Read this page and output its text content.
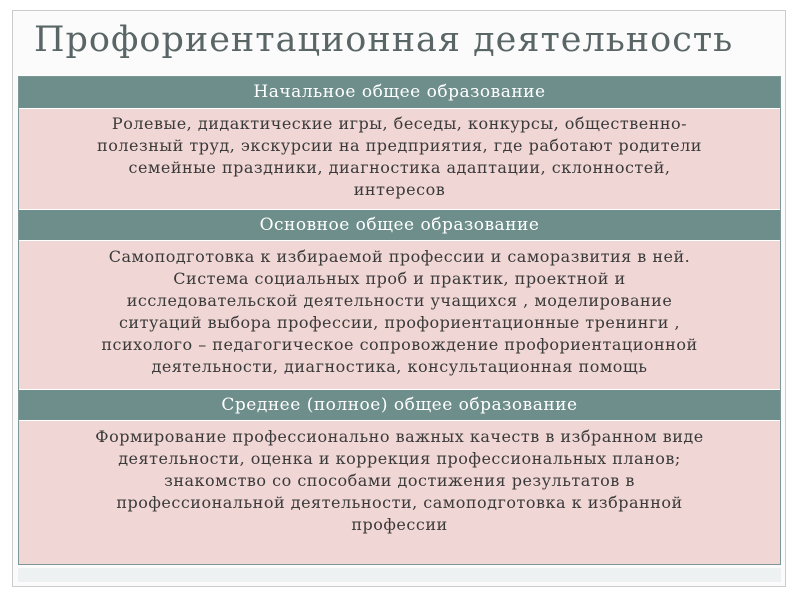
Профориентационная деятельность
Начальное общее образование
Ролевые, дидактические игры, беседы, конкурсы, общественно-
полезный труд, экскурсии на предприятия, где работают родители
семейные праздники, диагностика адаптации, склонностей,
интересов
Основное общее образование
Самоподготовка к избираемой профессии и саморазвития в ней.
Система социальных проб и практик, проектной и
исследовательской деятельности учащихся , моделирование
ситуаций выбора профессии, профориентационные тренинги ,
психолого – педагогическое сопровождение профориентационной
деятельности, диагностика, консультационная помощь
Среднее (полное) общее образование
Формирование профессионально важных качеств в избранном виде
деятельности, оценка и коррекция профессиональных планов;
знакомство со способами достижения результатов в
профессиональной деятельности, самоподготовка к избранной
профессии
